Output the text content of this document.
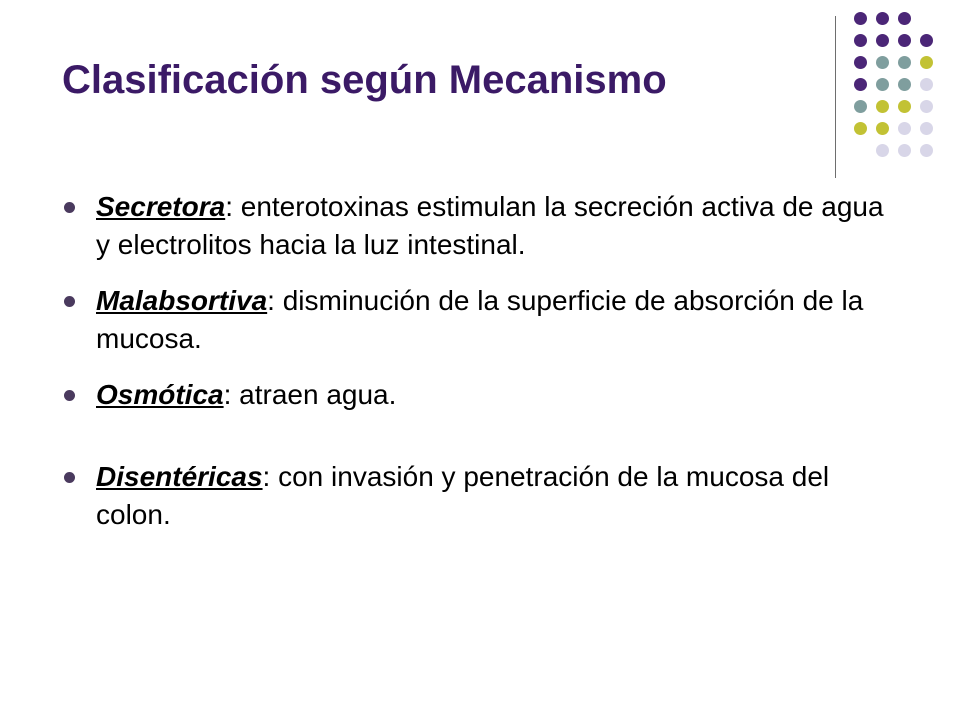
Clasificación según Mecanismo
Secretora: enterotoxinas estimulan la secreción activa de agua y electrolitos hacia la luz intestinal.
Malabsortiva: disminución de la superficie de absorción de la mucosa.
Osmótica: atraen agua.
Disentéricas: con invasión y penetración de la mucosa del colon.
